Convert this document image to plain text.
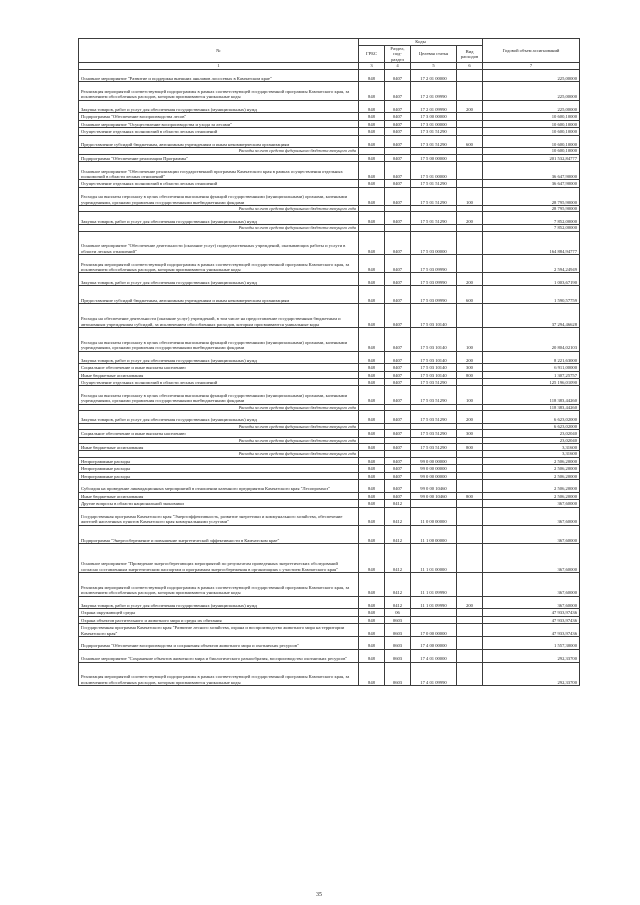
№	Коды				Годовой объем ассигнований
	ГРБС	Раздел, под-раздел	Целевая статья	Вид расходов	
1	3	4	5	6	7
Основное мероприятие "Развитие и поддержка внешних анклавов лососевых в Камчатском крае"	848	0407	17 2 01 00000		225,00000
Реализация мероприятий соответствующей подпрограммы в рамках соответствующей государственной программы Камчатского края, за исключением обособленных расходов, которым присваиваются уникальные коды	848	0407	17 2 01 09990		225,00000
Закупка товаров, работ и услуг для обеспечения государственных (муниципальных) нужд	848	0407	17 2 01 09990	200	225,00000
Подпрограмма "Обеспечение воспроизводства лесов"	848	0407	17 3 00 00000		10 600,10000
Основное мероприятие "Осуществление воспроизводства и ухода за лесами"	848	0407	17 3 01 00000		10 600,10000
Осуществление отдельных полномочий в области лесных отношений	848	0407	17 3 01 51290		10 600,10000
Предоставление субсидий бюджетным, автономным учреждениям и иным некоммерческим организациям	848	0407	17 3 01 51290	600	10 600,10000
Расходы за счет средств федерального бюджета текущего года					10 600,10000
Подпрограмма "Обеспечение реализации Программы"	848	0407	17 5 00 00000		201 532,84777
Основное мероприятие "Обеспечение реализации государственной программы Камчатского края в рамках осуществления отдельных полномочий в области лесных отношений"	848	0407	17 5 01 00000		36 647,90000
Осуществление отдельных полномочий в области лесных отношений	848	0407	17 5 01 51290		36 647,90000
Расходы на выплаты персоналу в целях обеспечения выполнения функций государственными (муниципальными) органами, казенными учреждениями, органами управления государственными внебюджетными фондами	848	0407	17 5 01 51290	100	28 795,90000
Расходы за счет средств федерального бюджета текущего года					28 795,90000
Закупка товаров, работ и услуг для обеспечения государственных (муниципальных) нужд	848	0407	17 5 01 51290	200	7 852,00000
Расходы за счет средств федерального бюджета текущего года					7 852,00000
Основное мероприятие "Обеспечение деятельности (оказание услуг) подведомственных учреждений, оказывающих работы и услуги в области лесных отношений"	848	0407	17 5 03 00000		164 884,94777
Реализация мероприятий соответствующей подпрограммы в рамках соответствующей государственной программы Камчатского края, за исключением обособленных расходов, которым присваиваются уникальные коды	848	0407	17 5 03 09990		2 594,24949
Закупка товаров, работ и услуг для обеспечения государственных (муниципальных) нужд	848	0407	17 5 03 09990	200	1 003,67190
Предоставление субсидий бюджетным, автономным учреждениям и иным некоммерческим организациям	848	0407	17 5 03 09990	600	1 590,57759
Расходы на обеспечение деятельности (оказание услуг) учреждений, в том числе на предоставление государственным бюджетным и автономным учреждениям субсидий, за исключением обособленных расходов, которым присваиваются уникальные коды	848	0407	17 5 03 10140		37 294,46628
Расходы на выплаты персоналу в целях обеспечения выполнения функций государственными (муниципальными) органами, казенными учреждениями, органами управления государственными внебюджетными фондами	848	0407	17 5 03 10140	100	20 804,02103
Закупка товаров, работ и услуг для обеспечения государственных (муниципальных) нужд	848	0407	17 5 03 10140	200	8 221,63000
Социальное обеспечение и иные выплаты населению	848	0407	17 5 03 10140	300	6 911,00000
Иные бюджетные ассигнования	848	0407	17 5 03 10140	800	1 307,25757
Осуществление отдельных полномочий в области лесных отношений	848	0407	17 5 03 51290		125 196,01090
Расходы на выплаты персоналу в целях обеспечения выполнения функций государственными (муниципальными) органами, казенными учреждениями, органами управления государственными внебюджетными фондами	848	0407	17 5 03 51290	100	118 383,44260
Расходы за счет средств федерального бюджета текущего года					118 383,44260
Закупка товаров, работ и услуг для обеспечения государственных (муниципальных) нужд	848	0407	17 5 03 51290	200	6 623,02000
Расходы за счет средств федерального бюджета текущего года					6 623,02000
Социальное обеспечение и иные выплаты населению	848	0407	17 5 03 51290	300	23,02040
Расходы за счет средств федерального бюджета текущего года					23,02040
Иные бюджетные ассигнования	848	0407	17 5 03 51290	800	3,31600
Расходы за счет средств федерального бюджета текущего года					3,31600
Непрограммные расходы	848	0407	99 0 00 00000		2 506,20000
Непрограммные расходы	848	0407	99 0 00 00000		2 506,20000
Непрограммные расходы	848	0407	99 0 00 00000		2 506,20000
Субсидия на проведение ликвидационных мероприятий в отношении казенного предприятия Камчатского края "Лесопромхоз"	848	0407	99 0 00 10460		2 506,20000
Иные бюджетные ассигнования	848	0407	99 0 00 10460	800	2 506,20000
Другие вопросы в области национальной экономики	848	0412			367,60000
Государственная программа Камчатского края "Энергоэффективность, развитие энергетики и коммунального хозяйства, обеспечение жителей населенных пунктов Камчатского края коммунальными услугами"	848	0412	11 0 00 00000		367,60000
Подпрограмма "Энергосбережение и повышение энергетической эффективности в Камчатском крае"	848	0412	11 1 00 00000		367,60000
Основное мероприятие "Проведение энергосберегающих мероприятий по результатам проведенных энергетических обследований согласно составленным энергетическим паспортам и программам энергосбережения в организациях с участием Камчатского края"	848	0412	11 1 01 00000		367,60000
Реализация мероприятий соответствующей подпрограммы в рамках соответствующей государственной программы Камчатского края, за исключением обособленных расходов, которым присваиваются уникальные коды	848	0412	11 1 01 09990		367,60000
Закупка товаров, работ и услуг для обеспечения государственных (муниципальных) нужд	848	0412	11 1 01 09990	200	367,60000
Охрана окружающей среды	848	06			47 933,97436
Охрана объектов растительного и животного мира и среды их обитания	848	0603			47 933,97436
Государственная программа Камчатского края "Развитие лесного хозяйства, охрана и воспроизводство животного мира на территории Камчатского края"	848	0603	17 0 00 00000		47 933,97436
Подпрограмма "Обеспечение воспроизводства и сохранения объектов животного мира и охотничьих ресурсов"	848	0603	17 4 00 00000		1 557,30000
Основное мероприятие "Сохранение объектов животного мира и биологического разнообразия, воспроизводство охотничьих ресурсов"	848	0603	17 4 01 00000		292,33700
Реализация мероприятий соответствующей подпрограммы в рамках соответствующей государственной программы Камчатского края, за исключением обособленных расходов, которым присваиваются уникальные коды	848	0603	17 4 01 09990		292,33700
35
